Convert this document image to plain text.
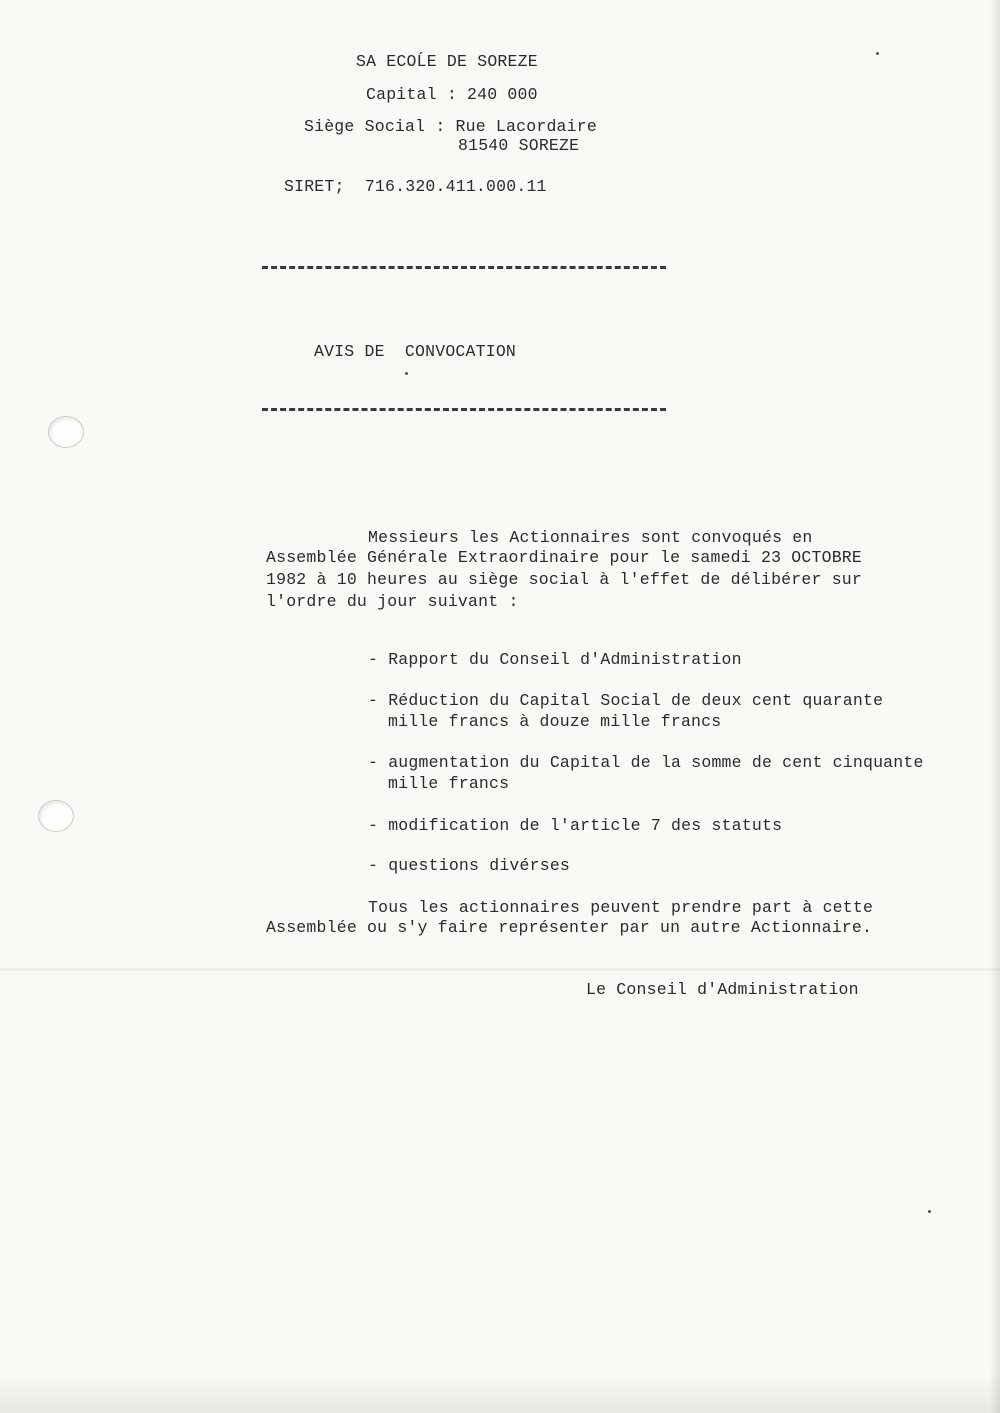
SA ECOĹE DE SOREZE
Capital : 240 000
Siège Social : Rue Lacordaire
81540 SOREZE
SIRET;  716.320.411.000.11
AVIS DE  CONVOCATION
Messieurs les Actionnaires sont convoqués en
Assemblée Générale Extraordinaire pour le samedi 23 OCTOBRE
1982 à 10 heures au siège social à l'effet de délibérer sur
l'ordre du jour suivant :
- Rapport du Conseil d'Administration
- Réduction du Capital Social de deux cent quarante
mille francs à douze mille francs
- augmentation du Capital de la somme de cent cinquante
mille francs
- modification de l'article 7 des statuts
- questions divérses
Tous les actionnaires peuvent prendre part à cette
Assemblée ou s'y faire représenter par un autre Actionnaire.
Le Conseil d'Administration
